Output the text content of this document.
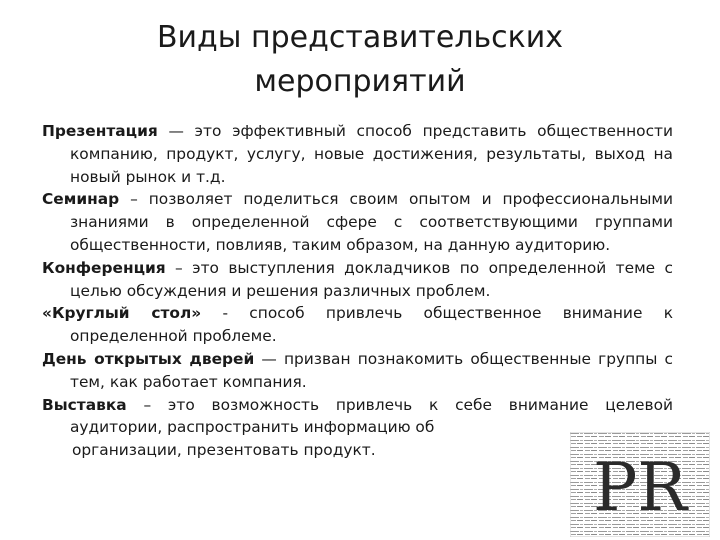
Виды представительских
мероприятий

Презентация — это эффективный способ представить общественности компанию, продукт, услугу, новые достижения, результаты, выход на новый рынок и т.д.

Семинар – позволяет поделиться своим опытом и профессиональными знаниями в определенной сфере с соответствующими группами общественности, повлияв, таким образом, на данную аудиторию.

Конференция – это выступления докладчиков по определенной теме с целью обсуждения и решения различных проблем.

«Круглый стол» - способ привлечь общественное внимание к определенной проблеме.

День открытых дверей — призван познакомить общественные группы с тем, как работает компания.

Выставка – это возможность привлечь к себе внимание целевой аудитории, распространить информацию об
организации, презентовать продукт.	PR
